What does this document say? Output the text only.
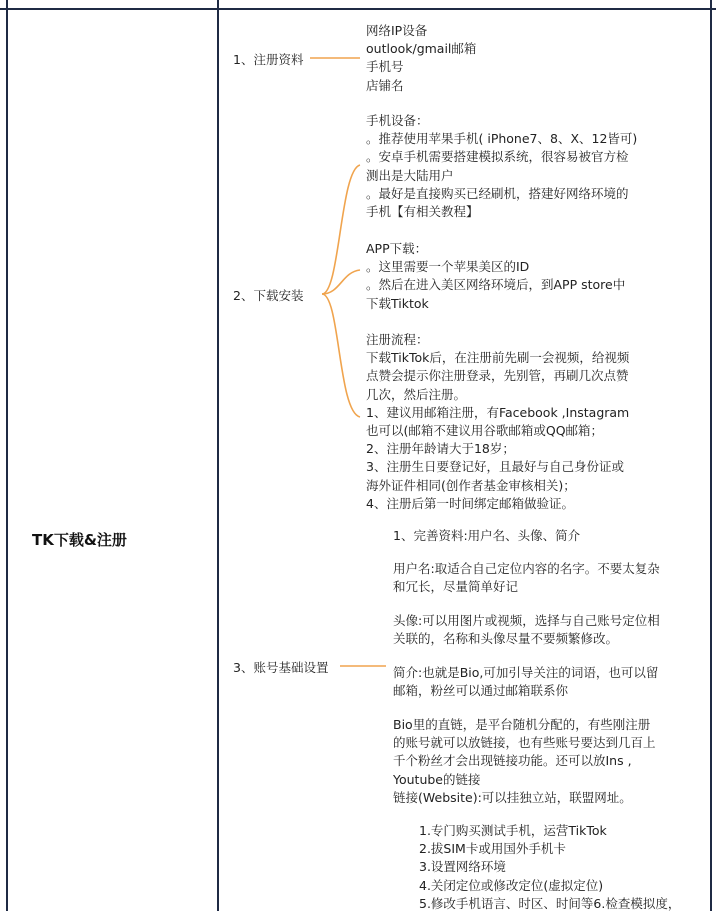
TK下载&注册
1、注册资料
网络IP设备
outlook/gmail邮箱
手机号
店铺名
2、下载安装
手机设备：
。推荐使用苹果手机( iPhone7、8、X、12皆可)
。安卓手机需要搭建模拟系统，很容易被官方检
测出是大陆用户
。最好是直接购买已经刷机，搭建好网络环境的
手机【有相关教程】
APP下载：
。这里需要一个苹果美区的ID
。然后在进入美区网络环境后，到APP store中
下载Tiktok
注册流程：
下载TikTok后，在注册前先刷一会视频，给视频
点赞会提示你注册登录，先别管，再刷几次点赞
几次，然后注册。
1、建议用邮箱注册，有Facebook ,Instagram
也可以(邮箱不建议用谷歌邮箱或QQ邮箱；
2、注册年龄请大于18岁；
3、注册生日要登记好，且最好与自己身份证或
海外证件相同(创作者基金审核相关)；
4、注册后第一时间绑定邮箱做验证。
3、账号基础设置
1、完善资料:用户名、头像、简介
用户名:取适合自己定位内容的名字。不要太复杂
和冗长，尽量简单好记
头像:可以用图片或视频，选择与自己账号定位相
关联的，名称和头像尽量不要频繁修改。
简介:也就是Bio,可加引导关注的词语，也可以留
邮箱，粉丝可以通过邮箱联系你
Bio里的直链，是平台随机分配的，有些刚注册
的账号就可以放链接，也有些账号要达到几百上
千个粉丝才会出现链接功能。还可以放Ins ,
Youtube的链接
链接(Website):可以挂独立站，联盟网址。
1.专门购买测试手机，运营TikTok
2.拔SIM卡或用国外手机卡
3.设置网络环境
4.关闭定位或修改定位(虚拟定位)
5.修改手机语言、时区、时间等6.检查模拟度，
